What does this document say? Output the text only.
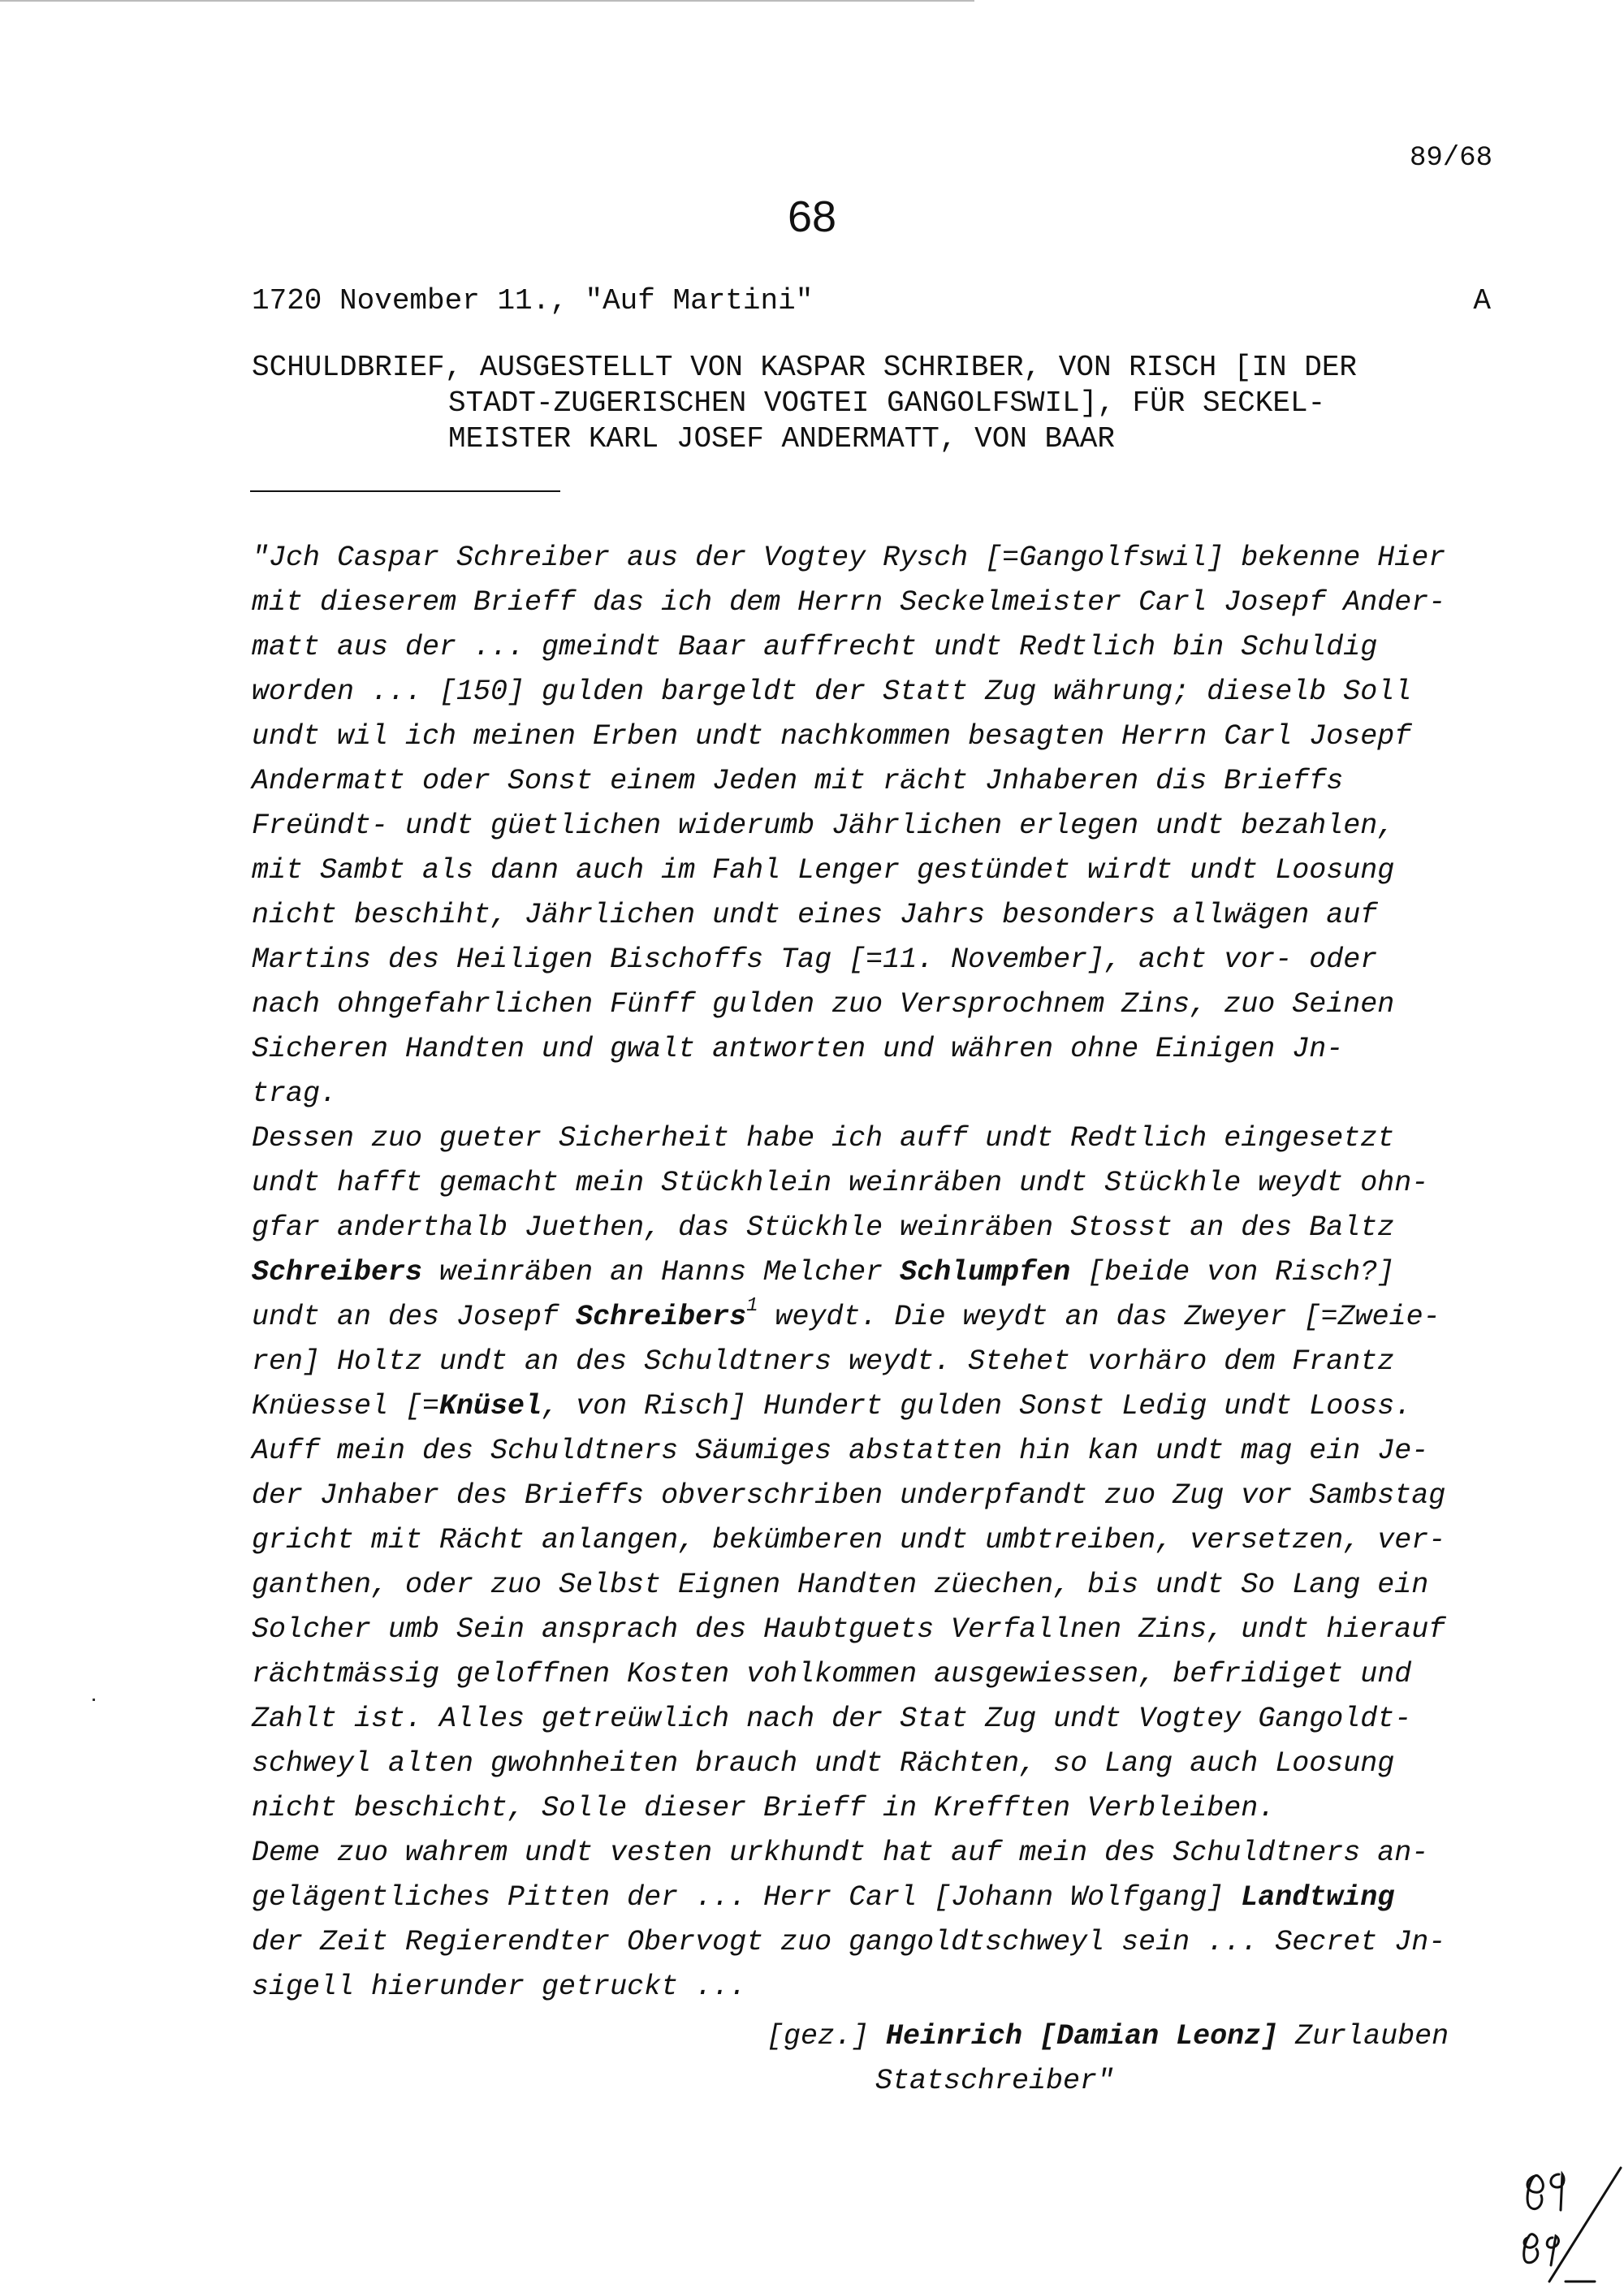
89/68
68
1720 November 11., "Auf Martini"	A
SCHULDBRIEF, AUSGESTELLT VON KASPAR SCHRIBER, VON RISCH [IN DER
STADT-ZUGERISCHEN VOGTEI GANGOLFSWIL], FÜR SECKEL-
MEISTER KARL JOSEF ANDERMATT, VON BAAR
"Jch Caspar Schreiber aus der Vogtey Rysch [=Gangolfswil] bekenne Hier
mit dieserem Brieff das ich dem Herrn Seckelmeister Carl Josepf Ander-
matt aus der ... gmeindt Baar auffrecht undt Redtlich bin Schuldig
worden ... [150] gulden bargeldt der Statt Zug währung; dieselb Soll
undt wil ich meinen Erben undt nachkommen besagten Herrn Carl Josepf
Andermatt oder Sonst einem Jeden mit rächt Jnhaberen dis Brieffs
Freündt- undt güetlichen widerumb Jährlichen erlegen undt bezahlen,
mit Sambt als dann auch im Fahl Lenger gestündet wirdt undt Loosung
nicht beschiht, Jährlichen undt eines Jahrs besonders allwägen auf
Martins des Heiligen Bischoffs Tag [=11. November], acht vor- oder
nach ohngefahrlichen Fünff gulden zuo Versprochnem Zins, zuo Seinen
Sicheren Handten und gwalt antworten und währen ohne Einigen Jn-
trag.
Dessen zuo gueter Sicherheit habe ich auff undt Redtlich eingesetzt
undt hafft gemacht mein Stückhlein weinräben undt Stückhle weydt ohn-
gfar anderthalb Juethen, das Stückhle weinräben Stosst an des Baltz
Schreibers weinräben an Hanns Melcher Schlumpfen [beide von Risch?]
undt an des Josepf Schreibers$^1$ weydt. Die weydt an das Zweyer [=Zweie-
ren] Holtz undt an des Schuldtners weydt. Stehet vorhäro dem Frantz
Knüessel [=Knüsel, von Risch] Hundert gulden Sonst Ledig undt Looss.
Auff mein des Schuldtners Säumiges abstatten hin kan undt mag ein Je-
der Jnhaber des Brieffs obverschriben underpfandt zuo Zug vor Sambstag
gricht mit Rächt anlangen, bekümberen undt umbtreiben, versetzen, ver-
ganthen, oder zuo Selbst Eignen Handten züechen, bis undt So Lang ein
Solcher umb Sein ansprach des Haubtguets Verfallnen Zins, undt hierauf
rächtmässig geloffnen Kosten vohlkommen ausgewiessen, befridiget und
Zahlt ist. Alles getreüwlich nach der Stat Zug undt Vogtey Gangoldt-
schweyl alten gwohnheiten brauch undt Rächten, so Lang auch Loosung
nicht beschicht, Solle dieser Brieff in Krefften Verbleiben.
Deme zuo wahrem undt vesten urkhundt hat auf mein des Schuldtners an-
gelägentliches Pitten der ... Herr Carl [Johann Wolfgang] Landtwing
der Zeit Regierendter Obervogt zuo gangoldtschweyl sein ... Secret Jn-
sigell hierunder getruckt ...
[gez.] Heinrich [Damian Leonz] Zurlauben
Statschreiber"
